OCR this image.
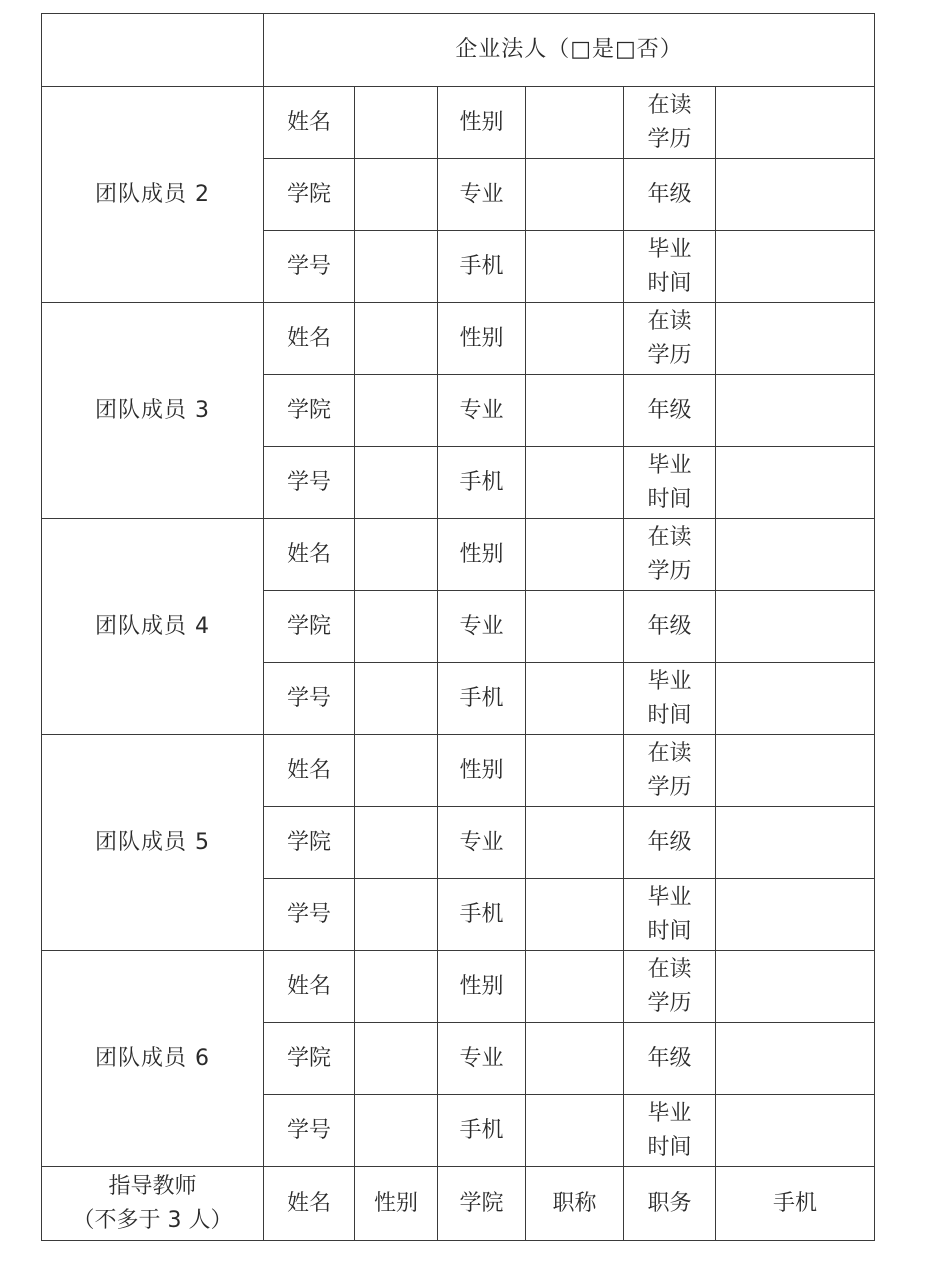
	企业法人（□是□否）					
团队成员 2	姓名		性别		在读
学历	

	学院		专业		年级	
	学号		手机		毕业
时间	

团队成员 3	姓名		性别		在读
学历	

	学院		专业		年级	
	学号		手机		毕业
时间	

团队成员 4	姓名		性别		在读
学历	

	学院		专业		年级	
	学号		手机		毕业
时间	

团队成员 5	姓名		性别		在读
学历	

	学院		专业		年级	
	学号		手机		毕业
时间	

团队成员 6	姓名		性别		在读
学历	

	学院		专业		年级	
	学号		手机		毕业
时间	

指导教师
（不多于 3 人）	姓名	性别	学院	职称	职务	手机
